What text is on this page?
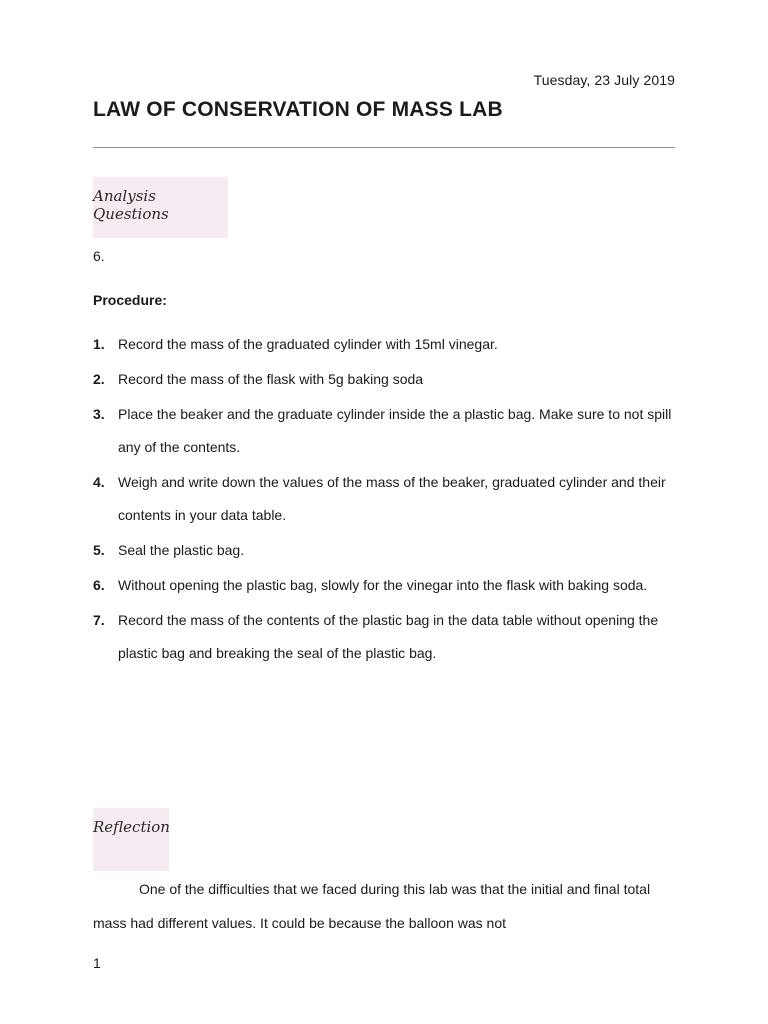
Tuesday, 23 July 2019
LAW OF CONSERVATION OF MASS LAB
Analysis Questions
6.
Procedure:
1. Record the mass of the graduated cylinder with 15ml vinegar.
2. Record the mass of the flask with 5g baking soda
3. Place the beaker and the graduate cylinder inside the a plastic bag. Make sure to not spill any of the contents.
4. Weigh and write down the values of the mass of the beaker, graduated cylinder and their contents in your data table.
5. Seal the plastic bag.
6. Without opening the plastic bag, slowly for the vinegar into the flask with baking soda.
7. Record the mass of the contents of the plastic bag in the data table without opening the plastic bag and breaking the seal of the plastic bag.
Reflection

One of the difficulties that we faced during this lab was that the initial and final total mass had different values. It could be because the balloon was not

1
